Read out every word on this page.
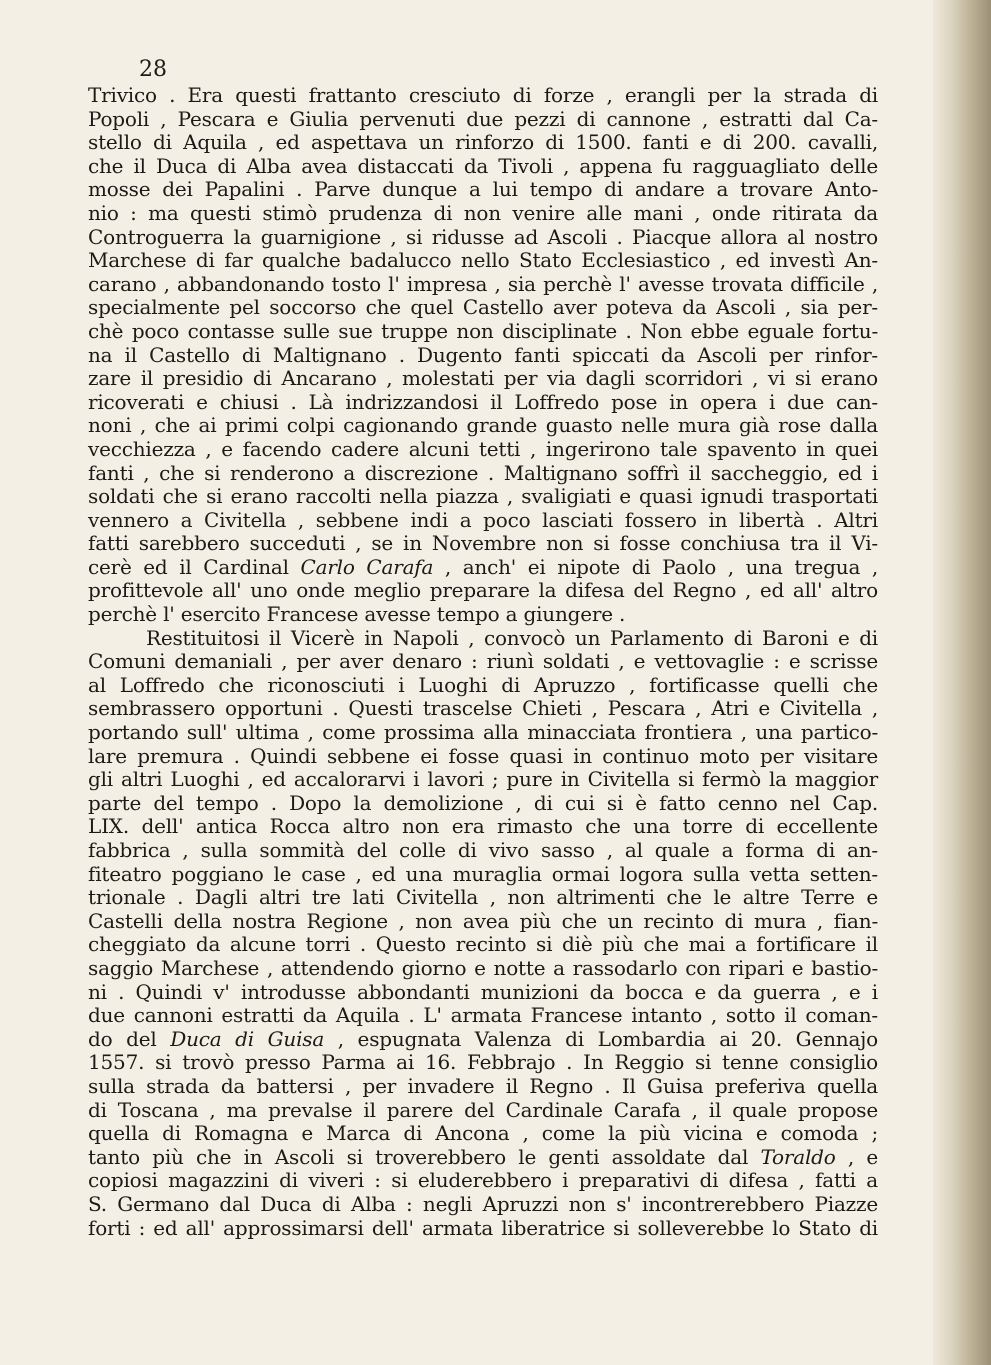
28
Trivico . Era questi frattanto cresciuto di forze , erangli per la strada di
Popoli , Pescara e Giulia pervenuti due pezzi di cannone , estratti dal Ca-
stello di Aquila , ed aspettava un rinforzo di 1500. fanti e di 200. cavalli,
che il Duca di Alba avea distaccati da Tivoli , appena fu ragguagliato delle
mosse dei Papalini . Parve dunque a lui tempo di andare a trovare Anto-
nio : ma questi stimò prudenza di non venire alle mani , onde ritirata da
Controguerra la guarnigione , si ridusse ad Ascoli . Piacque allora al nostro
Marchese di far qualche badalucco nello Stato Ecclesiastico , ed investì An-
carano , abbandonando tosto l' impresa , sia perchè l' avesse trovata difficile ,
specialmente pel soccorso che quel Castello aver poteva da Ascoli , sia per-
chè poco contasse sulle sue truppe non disciplinate . Non ebbe eguale fortu-
na il Castello di Maltignano . Dugento fanti spiccati da Ascoli per rinfor-
zare il presidio di Ancarano , molestati per via dagli scorridori , vi si erano
ricoverati e chiusi . Là indrizzandosi il Loffredo pose in opera i due can-
noni , che ai primi colpi cagionando grande guasto nelle mura già rose dalla
vecchiezza , e facendo cadere alcuni tetti , ingerirono tale spavento in quei
fanti , che si renderono a discrezione . Maltignano soffrì il saccheggio, ed i
soldati che si erano raccolti nella piazza , svaligiati e quasi ignudi trasportati
vennero a Civitella , sebbene indi a poco lasciati fossero in libertà . Altri
fatti sarebbero succeduti , se in Novembre non si fosse conchiusa tra il Vi-
cerè ed il Cardinal Carlo Carafa , anch' ei nipote di Paolo , una tregua ,
profittevole all' uno onde meglio preparare la difesa del Regno , ed all' altro
perchè l' esercito Francese avesse tempo a giungere .
Restituitosi il Vicerè in Napoli , convocò un Parlamento di Baroni e di
Comuni demaniali , per aver denaro : riunì soldati , e vettovaglie : e scrisse
al Loffredo che riconosciuti i Luoghi di Apruzzo , fortificasse quelli che
sembrassero opportuni . Questi trascelse Chieti , Pescara , Atri e Civitella ,
portando sull' ultima , come prossima alla minacciata frontiera , una partico-
lare premura . Quindi sebbene ei fosse quasi in continuo moto per visitare
gli altri Luoghi , ed accalorarvi i lavori ; pure in Civitella si fermò la maggior
parte del tempo . Dopo la demolizione , di cui si è fatto cenno nel Cap.
LIX. dell' antica Rocca altro non era rimasto che una torre di eccellente
fabbrica , sulla sommità del colle di vivo sasso , al quale a forma di an-
fiteatro poggiano le case , ed una muraglia ormai logora sulla vetta setten-
trionale . Dagli altri tre lati Civitella , non altrimenti che le altre Terre e
Castelli della nostra Regione , non avea più che un recinto di mura , fian-
cheggiato da alcune torri . Questo recinto si diè più che mai a fortificare il
saggio Marchese , attendendo giorno e notte a rassodarlo con ripari e bastio-
ni . Quindi v' introdusse abbondanti munizioni da bocca e da guerra , e i
due cannoni estratti da Aquila . L' armata Francese intanto , sotto il coman-
do del Duca di Guisa , espugnata Valenza di Lombardia ai 20. Gennajo
1557. si trovò presso Parma ai 16. Febbrajo . In Reggio si tenne consiglio
sulla strada da battersi , per invadere il Regno . Il Guisa preferiva quella
di Toscana , ma prevalse il parere del Cardinale Carafa , il quale propose
quella di Romagna e Marca di Ancona , come la più vicina e comoda ;
tanto più che in Ascoli si troverebbero le genti assoldate dal Toraldo , e
copiosi magazzini di viveri : si eluderebbero i preparativi di difesa , fatti a
S. Germano dal Duca di Alba : negli Apruzzi non s' incontrerebbero Piazze
forti : ed all' approssimarsi dell' armata liberatrice si solleverebbe lo Stato di
